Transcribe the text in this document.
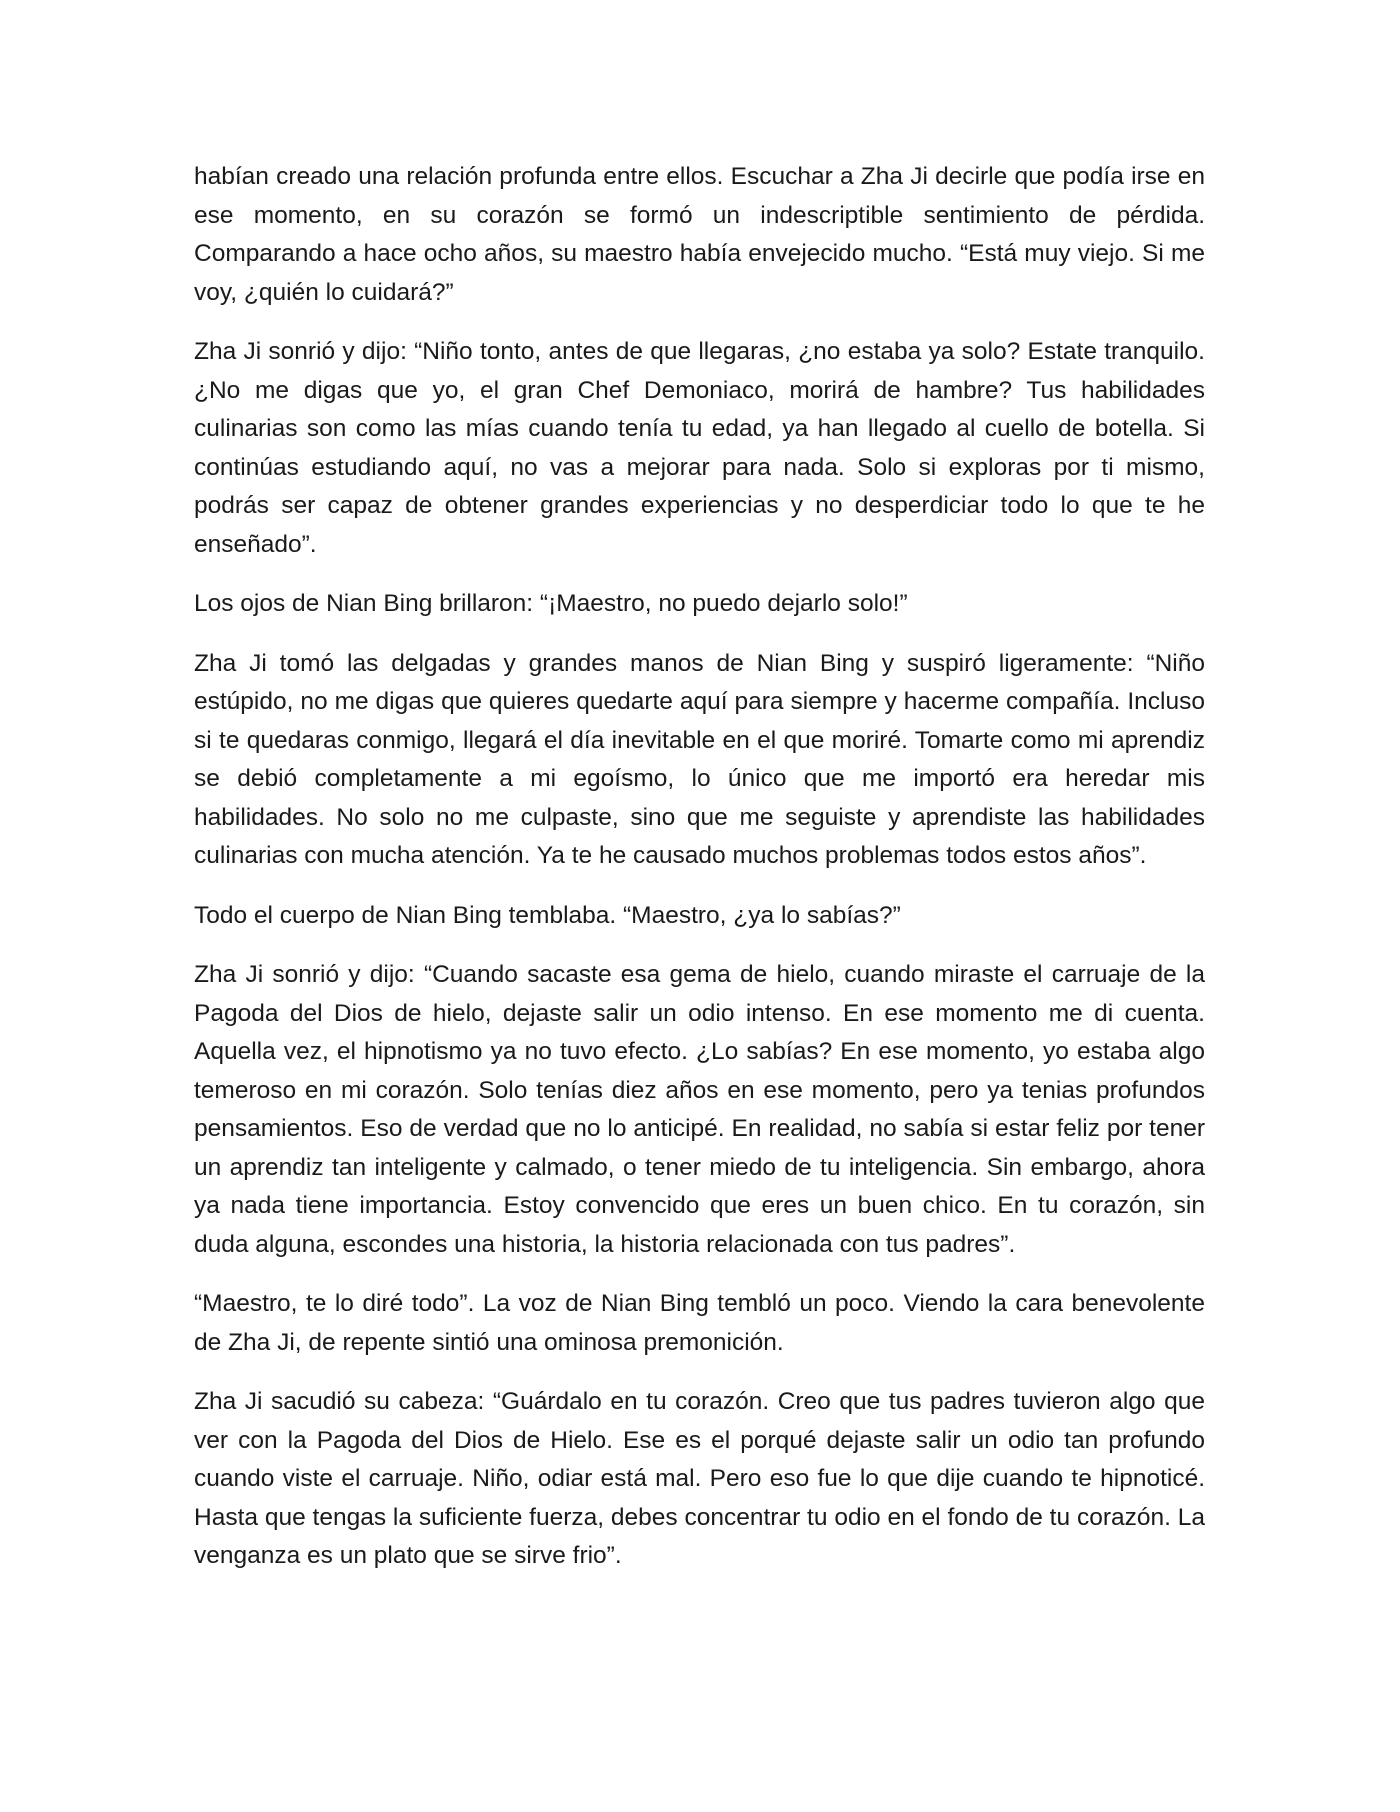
habían creado una relación profunda entre ellos. Escuchar a Zha Ji decirle que podía irse en ese momento, en su corazón se formó un indescriptible sentimiento de pérdida. Comparando a hace ocho años, su maestro había envejecido mucho. “Está muy viejo. Si me voy, ¿quién lo cuidará?”

Zha Ji sonrió y dijo: “Niño tonto, antes de que llegaras, ¿no estaba ya solo? Estate tranquilo. ¿No me digas que yo, el gran Chef Demoniaco, morirá de hambre? Tus habilidades culinarias son como las mías cuando tenía tu edad, ya han llegado al cuello de botella. Si continúas estudiando aquí, no vas a mejorar para nada. Solo si exploras por ti mismo, podrás ser capaz de obtener grandes experiencias y no desperdiciar todo lo que te he enseñado”.

Los ojos de Nian Bing brillaron: “¡Maestro, no puedo dejarlo solo!”

Zha Ji tomó las delgadas y grandes manos de Nian Bing y suspiró ligeramente: “Niño estúpido, no me digas que quieres quedarte aquí para siempre y hacerme compañía. Incluso si te quedaras conmigo, llegará el día inevitable en el que moriré. Tomarte como mi aprendiz se debió completamente a mi egoísmo, lo único que me importó era heredar mis habilidades. No solo no me culpaste, sino que me seguiste y aprendiste las habilidades culinarias con mucha atención. Ya te he causado muchos problemas todos estos años”.

Todo el cuerpo de Nian Bing temblaba. “Maestro, ¿ya lo sabías?”

Zha Ji sonrió y dijo: “Cuando sacaste esa gema de hielo, cuando miraste el carruaje de la Pagoda del Dios de hielo, dejaste salir un odio intenso. En ese momento me di cuenta. Aquella vez, el hipnotismo ya no tuvo efecto. ¿Lo sabías? En ese momento, yo estaba algo temeroso en mi corazón. Solo tenías diez años en ese momento, pero ya tenias profundos pensamientos. Eso de verdad que no lo anticipé. En realidad, no sabía si estar feliz por tener un aprendiz tan inteligente y calmado, o tener miedo de tu inteligencia. Sin embargo, ahora ya nada tiene importancia. Estoy convencido que eres un buen chico. En tu corazón, sin duda alguna, escondes una historia, la historia relacionada con tus padres”.

“Maestro, te lo diré todo”. La voz de Nian Bing tembló un poco. Viendo la cara benevolente de Zha Ji, de repente sintió una ominosa premonición.

Zha Ji sacudió su cabeza: “Guárdalo en tu corazón. Creo que tus padres tuvieron algo que ver con la Pagoda del Dios de Hielo. Ese es el porqué dejaste salir un odio tan profundo cuando viste el carruaje. Niño, odiar está mal. Pero eso fue lo que dije cuando te hipnoticé. Hasta que tengas la suficiente fuerza, debes concentrar tu odio en el fondo de tu corazón. La venganza es un plato que se sirve frio”.
